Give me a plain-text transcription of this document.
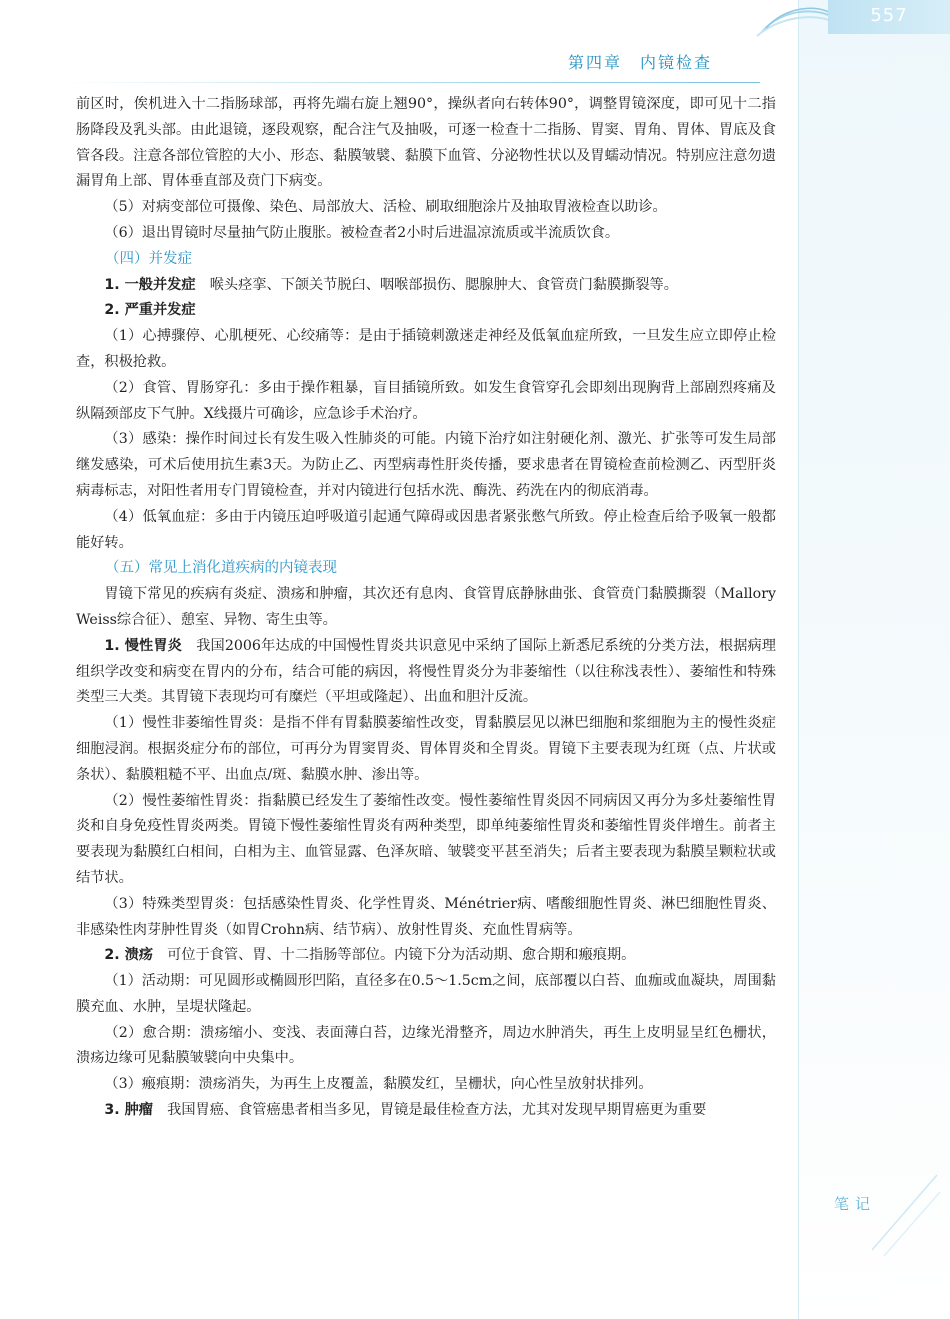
第四章　内镜检查
557

前区时，俟机进入十二指肠球部，再将先端右旋上翘90°，操纵者向右转体90°，调整胃镜深度，即可见十二指肠降段及乳头部。由此退镜，逐段观察，配合注气及抽吸，可逐一检查十二指肠、胃窦、胃角、胃体、胃底及食管各段。注意各部位管腔的大小、形态、黏膜皱襞、黏膜下血管、分泌物性状以及胃蠕动情况。特别应注意勿遗漏胃角上部、胃体垂直部及贲门下病变。

（5）对病变部位可摄像、染色、局部放大、活检、刷取细胞涂片及抽取胃液检查以助诊。

（6）退出胃镜时尽量抽气防止腹胀。被检查者2小时后进温凉流质或半流质饮食。

（四）并发症

1. 一般并发症　喉头痉挛、下颌关节脱臼、咽喉部损伤、腮腺肿大、食管贲门黏膜撕裂等。

2. 严重并发症

（1）心搏骤停、心肌梗死、心绞痛等：是由于插镜刺激迷走神经及低氧血症所致，一旦发生应立即停止检查，积极抢救。

（2）食管、胃肠穿孔：多由于操作粗暴，盲目插镜所致。如发生食管穿孔会即刻出现胸背上部剧烈疼痛及纵隔颈部皮下气肿。X线摄片可确诊，应急诊手术治疗。

（3）感染：操作时间过长有发生吸入性肺炎的可能。内镜下治疗如注射硬化剂、激光、扩张等可发生局部继发感染，可术后使用抗生素3天。为防止乙、丙型病毒性肝炎传播，要求患者在胃镜检查前检测乙、丙型肝炎病毒标志，对阳性者用专门胃镜检查，并对内镜进行包括水洗、酶洗、药洗在内的彻底消毒。

（4）低氧血症：多由于内镜压迫呼吸道引起通气障碍或因患者紧张憋气所致。停止检查后给予吸氧一般都能好转。

（五）常见上消化道疾病的内镜表现

胃镜下常见的疾病有炎症、溃疡和肿瘤，其次还有息肉、食管胃底静脉曲张、食管贲门黏膜撕裂（Mallory Weiss综合征）、憩室、异物、寄生虫等。

1. 慢性胃炎　我国2006年达成的中国慢性胃炎共识意见中采纳了国际上新悉尼系统的分类方法，根据病理组织学改变和病变在胃内的分布，结合可能的病因，将慢性胃炎分为非萎缩性（以往称浅表性）、萎缩性和特殊类型三大类。其胃镜下表现均可有糜烂（平坦或隆起）、出血和胆汁反流。

（1）慢性非萎缩性胃炎：是指不伴有胃黏膜萎缩性改变，胃黏膜层见以淋巴细胞和浆细胞为主的慢性炎症细胞浸润。根据炎症分布的部位，可再分为胃窦胃炎、胃体胃炎和全胃炎。胃镜下主要表现为红斑（点、片状或条状）、黏膜粗糙不平、出血点/斑、黏膜水肿、渗出等。

（2）慢性萎缩性胃炎：指黏膜已经发生了萎缩性改变。慢性萎缩性胃炎因不同病因又再分为多灶萎缩性胃炎和自身免疫性胃炎两类。胃镜下慢性萎缩性胃炎有两种类型，即单纯萎缩性胃炎和萎缩性胃炎伴增生。前者主要表现为黏膜红白相间，白相为主、血管显露、色泽灰暗、皱襞变平甚至消失；后者主要表现为黏膜呈颗粒状或结节状。

（3）特殊类型胃炎：包括感染性胃炎、化学性胃炎、Ménétrier病、嗜酸细胞性胃炎、淋巴细胞性胃炎、非感染性肉芽肿性胃炎（如胃Crohn病、结节病）、放射性胃炎、充血性胃病等。

2. 溃疡　可位于食管、胃、十二指肠等部位。内镜下分为活动期、愈合期和瘢痕期。

（1）活动期：可见圆形或椭圆形凹陷，直径多在0.5～1.5cm之间，底部覆以白苔、血痂或血凝块，周围黏膜充血、水肿，呈堤状隆起。

（2）愈合期：溃疡缩小、变浅、表面薄白苔，边缘光滑整齐，周边水肿消失，再生上皮明显呈红色栅状，溃疡边缘可见黏膜皱襞向中央集中。

（3）瘢痕期：溃疡消失，为再生上皮覆盖，黏膜发红，呈栅状，向心性呈放射状排列。

3. 肿瘤　我国胃癌、食管癌患者相当多见，胃镜是最佳检查方法，尤其对发现早期胃癌更为重要

笔记
